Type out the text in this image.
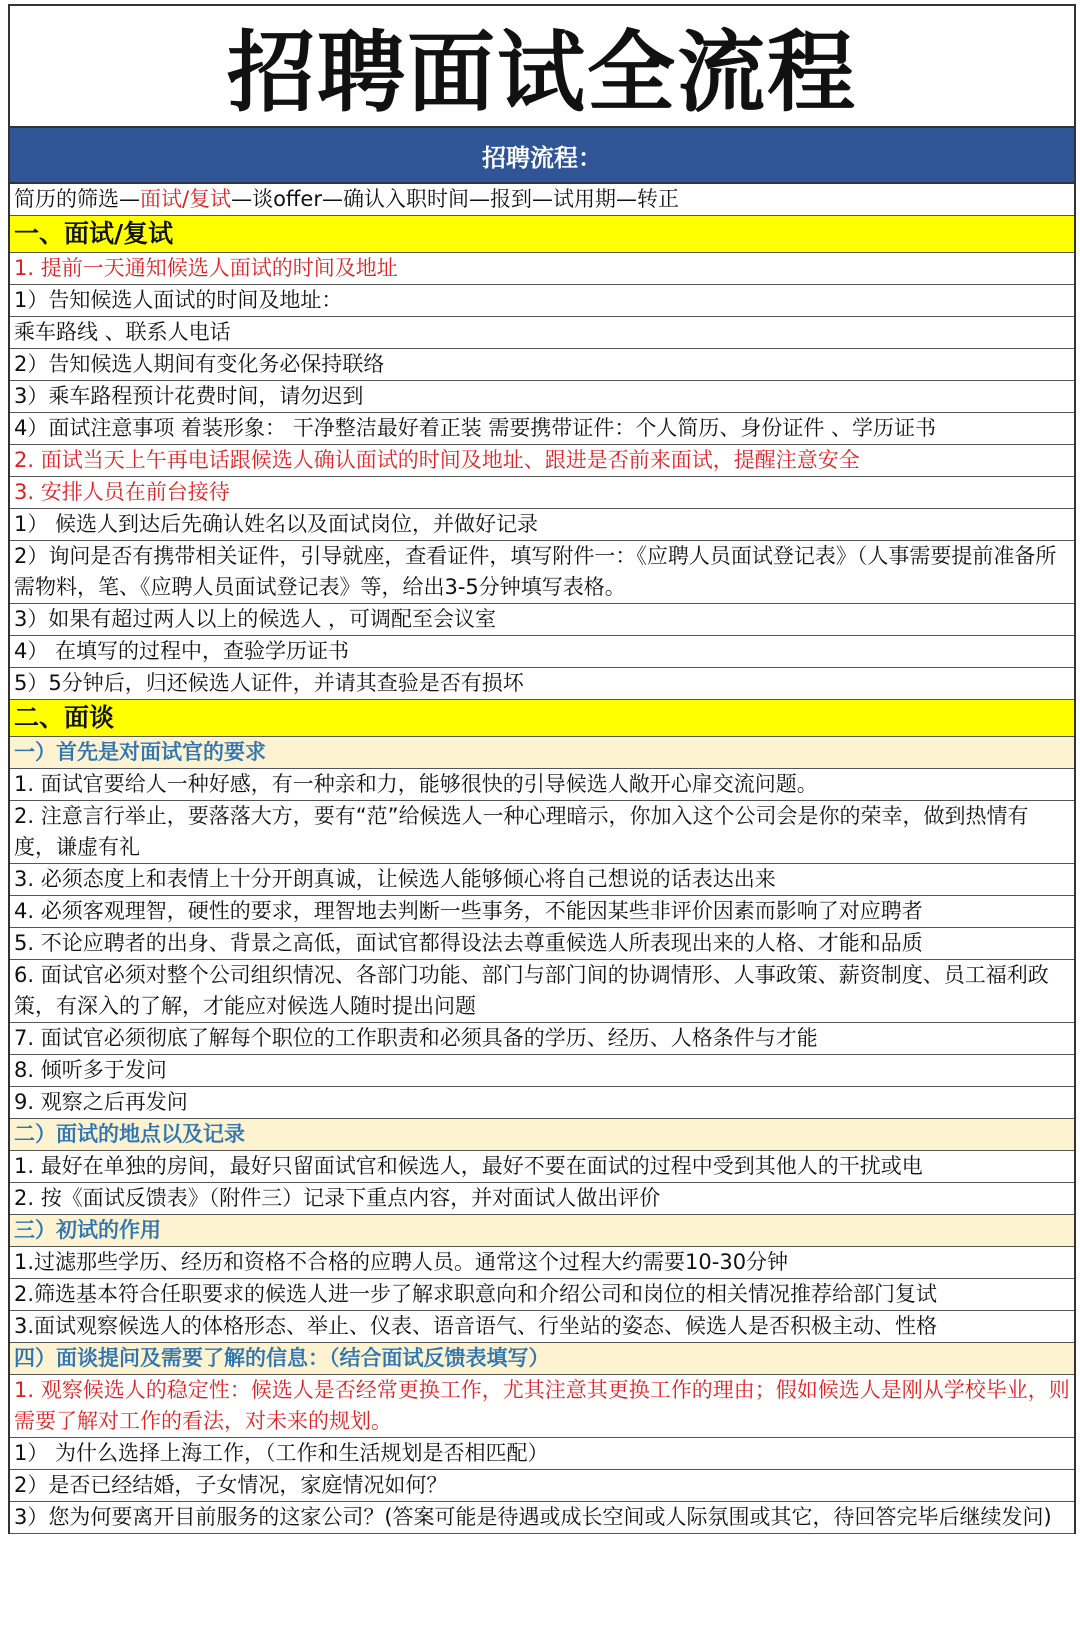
招聘面试全流程
招聘流程：
简历的筛选—面试/复试—谈offer—确认入职时间—报到—试用期—转正
一、面试/复试
1. 提前一天通知候选人面试的时间及地址
1）告知候选人面试的时间及地址：
乘车路线 、联系人电话
2）告知候选人期间有变化务必保持联络
3）乘车路程预计花费时间，请勿迟到
4）面试注意事项 着装形象： 干净整洁最好着正装 需要携带证件：个人简历、身份证件 、学历证书
2. 面试当天上午再电话跟候选人确认面试的时间及地址、跟进是否前来面试，提醒注意安全
3. 安排人员在前台接待
1） 候选人到达后先确认姓名以及面试岗位，并做好记录
2）询问是否有携带相关证件，引导就座，查看证件，填写附件一：《应聘人员面试登记表》（人事需要提前准备所需物料，笔、《应聘人员面试登记表》等，给出3-5分钟填写表格。
3）如果有超过两人以上的候选人 ，可调配至会议室
4） 在填写的过程中，查验学历证书
5）5分钟后，归还候选人证件，并请其查验是否有损坏
二、面谈
一）首先是对面试官的要求
1. 面试官要给人一种好感，有一种亲和力，能够很快的引导候选人敞开心扉交流问题。
2. 注意言行举止，要落落大方，要有“范”给候选人一种心理暗示，你加入这个公司会是你的荣幸，做到热情有度，谦虚有礼
3. 必须态度上和表情上十分开朗真诚，让候选人能够倾心将自己想说的话表达出来
4. 必须客观理智，硬性的要求，理智地去判断一些事务，不能因某些非评价因素而影响了对应聘者
5. 不论应聘者的出身、背景之高低，面试官都得设法去尊重候选人所表现出来的人格、才能和品质
6. 面试官必须对整个公司组织情况、各部门功能、部门与部门间的协调情形、人事政策、薪资制度、员工福利政策，有深入的了解，才能应对候选人随时提出问题
7. 面试官必须彻底了解每个职位的工作职责和必须具备的学历、经历、人格条件与才能
8. 倾听多于发问
9. 观察之后再发问
二）面试的地点以及记录
1. 最好在单独的房间，最好只留面试官和候选人，最好不要在面试的过程中受到其他人的干扰或电
2. 按《面试反馈表》（附件三）记录下重点内容，并对面试人做出评价
三）初试的作用
1.过滤那些学历、经历和资格不合格的应聘人员。通常这个过程大约需要10-30分钟
2.筛选基本符合任职要求的候选人进一步了解求职意向和介绍公司和岗位的相关情况推荐给部门复试
3.面试观察候选人的体格形态、举止、仪表、语音语气、行坐站的姿态、候选人是否积极主动、性格
四）面谈提问及需要了解的信息：（结合面试反馈表填写）
1. 观察候选人的稳定性：候选人是否经常更换工作，尤其注意其更换工作的理由；假如候选人是刚从学校毕业，则需要了解对工作的看法，对未来的规划。
1） 为什么选择上海工作，（工作和生活规划是否相匹配）
2）是否已经结婚，子女情况，家庭情况如何？
3）您为何要离开目前服务的这家公司？(答案可能是待遇或成长空间或人际氛围或其它，待回答完毕后继续发问)
